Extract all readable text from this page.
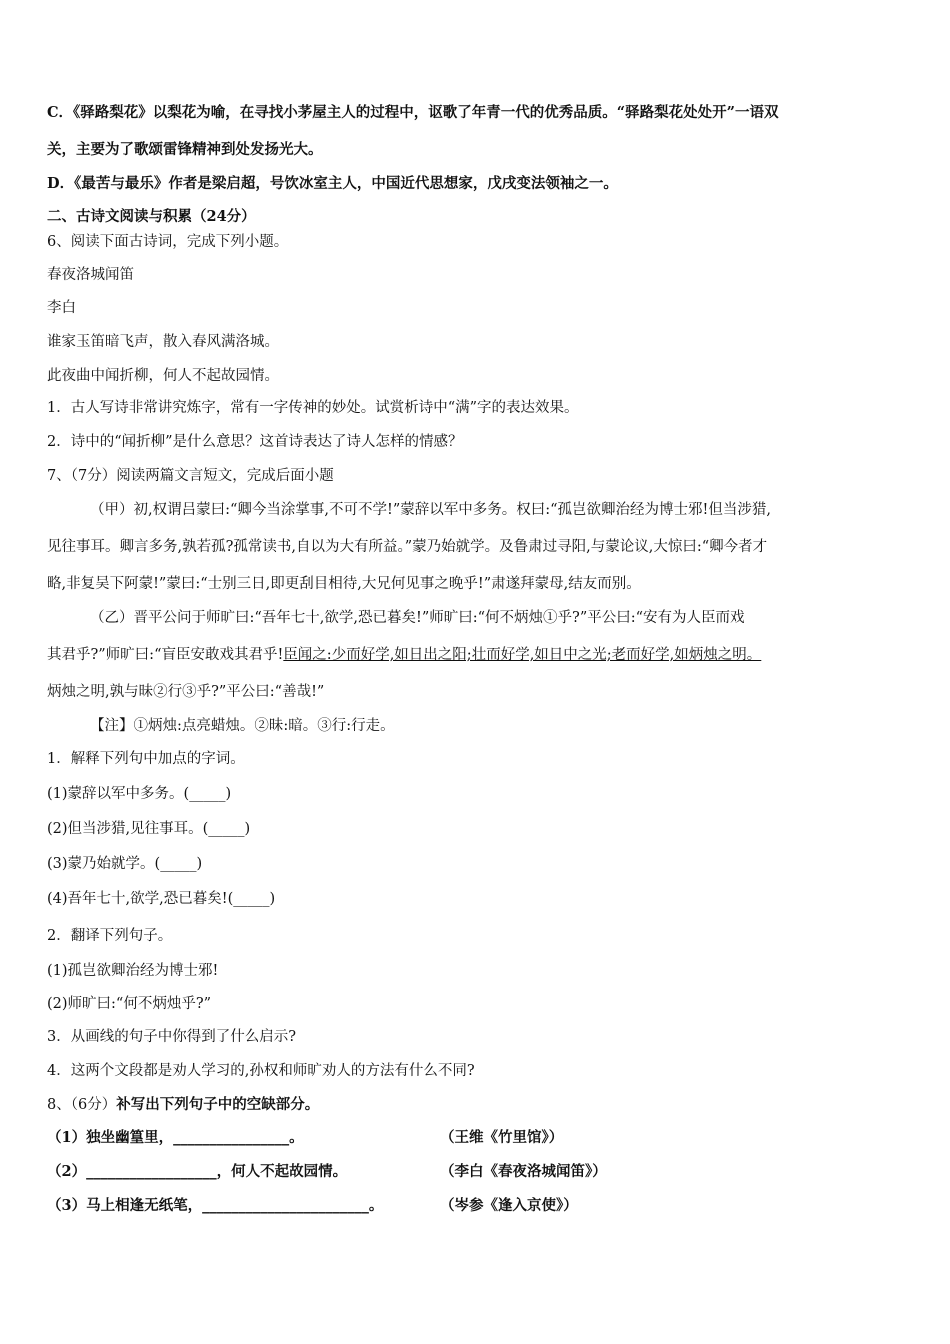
C．《驿路梨花》以梨花为喻，在寻找小茅屋主人的过程中，讴歌了年青一代的优秀品质。“驿路梨花处处开”一语双
关，主要为了歌颂雷锋精神到处发扬光大。
D．《最苦与最乐》作者是梁启超，号饮冰室主人，中国近代思想家，戊戌变法领袖之一。
二、古诗文阅读与积累（24分）
6、阅读下面古诗词，完成下列小题。
春夜洛城闻笛
李白
谁家玉笛暗飞声，散入春风满洛城。
此夜曲中闻折柳，何人不起故园情。
1．古人写诗非常讲究炼字，常有一字传神的妙处。试赏析诗中“满”字的表达效果。
2．诗中的“闻折柳”是什么意思？这首诗表达了诗人怎样的情感？
7、（7分）阅读两篇文言短文，完成后面小题
（甲）初,权谓吕蒙曰:“卿今当涂掌事,不可不学!”蒙辞以军中多务。权曰:“孤岂欲卿治经为博士邪!但当涉猎,
见往事耳。卿言多务,孰若孤?孤常读书,自以为大有所益。”蒙乃始就学。及鲁肃过寻阳,与蒙论议,大惊曰:“卿今者才
略,非复吴下阿蒙!”蒙曰:“士别三日,即更刮目相待,大兄何见事之晚乎!”肃遂拜蒙母,结友而别。
（乙）晋平公问于师旷曰:“吾年七十,欲学,恐已暮矣!”师旷曰:“何不炳烛①乎?”平公曰:“安有为人臣而戏
其君乎?”师旷曰:“盲臣安敢戏其君乎!臣闻之:少而好学,如日出之阳;壮而好学,如日中之光;老而好学,如炳烛之明。
炳烛之明,孰与昧②行③乎?”平公曰:“善哉!”
【注】①炳烛:点亮蜡烛。②昧:暗。③行:行走。
1．解释下列句中加点的字词。
(1)蒙辞以军中多务。(_____)
(2)但当涉猎,见往事耳。(_____)
(3)蒙乃始就学。(_____)
(4)吾年七十,欲学,恐已暮矣!(_____)
2．翻译下列句子。
(1)孤岂欲卿治经为博士邪!
(2)师旷曰:“何不炳烛乎?”
3．从画线的句子中你得到了什么启示?
4．这两个文段都是劝人学习的,孙权和师旷劝人的方法有什么不同?
8、（6分）补写出下列句子中的空缺部分。
（1）独坐幽篁里，________________。	（王维《竹里馆》）
（2）__________________，何人不起故园情。	（李白《春夜洛城闻笛》）
（3）马上相逢无纸笔，_______________________。	（岑参《逢入京使》）
